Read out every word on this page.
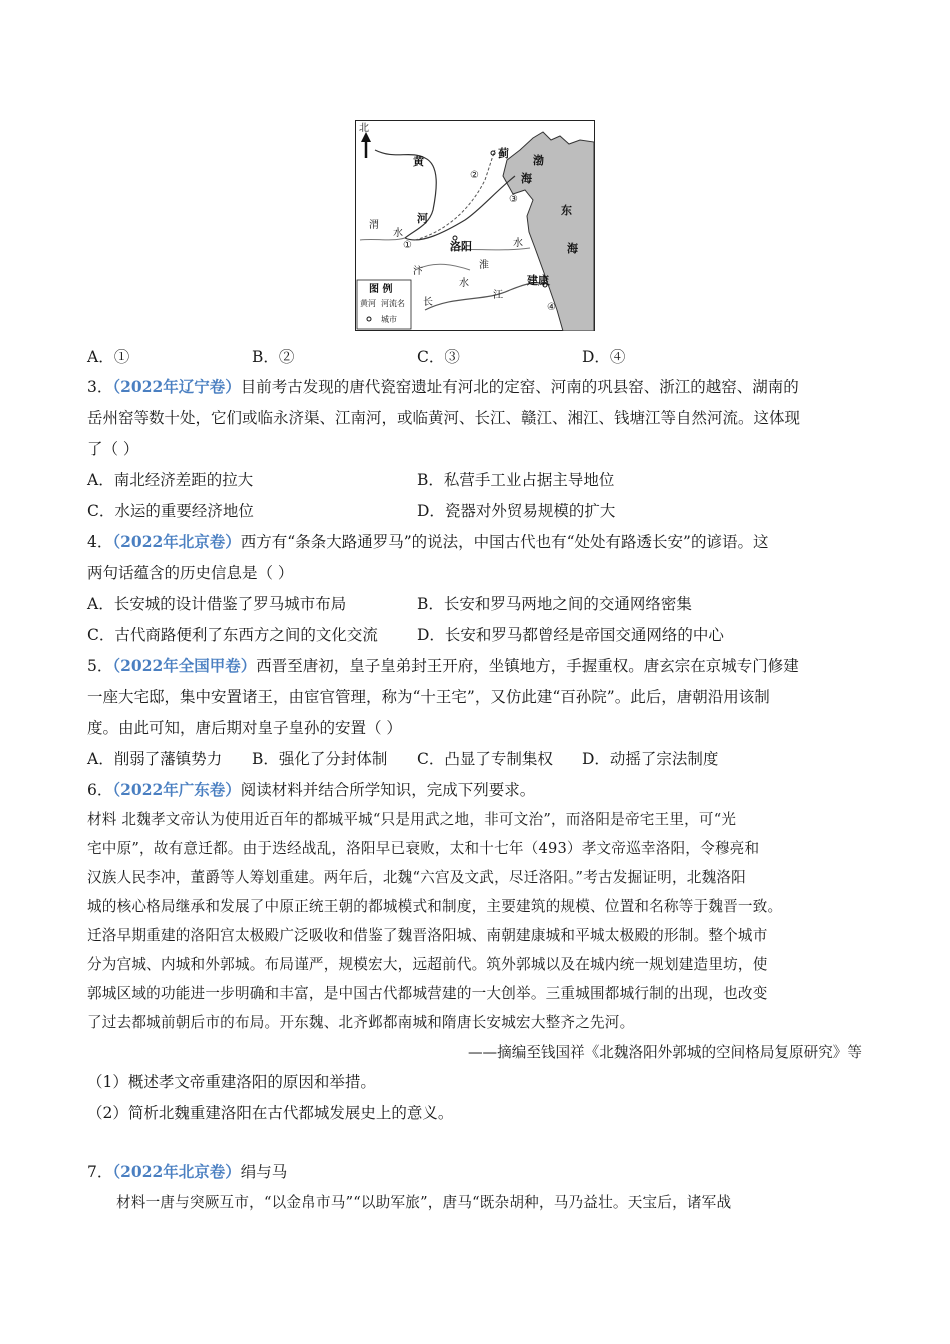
北
黄
河
蓟
渤
海
东
海
渭
水
洛阳
淮
水
汴
水
江
长
建康
①
②
③
④
图 例
黄河 河流名
城市
A．①	B．②	C．③	D．④
3．（2022年辽宁卷）目前考古发现的唐代瓷窑遗址有河北的定窑、河南的巩县窑、浙江的越窑、湖南的
岳州窑等数十处，它们或临永济渠、江南河，或临黄河、长江、赣江、湘江、钱塘江等自然河流。这体现
了（ ）
A．南北经济差距的拉大	B．私营手工业占据主导地位
C．水运的重要经济地位	D．瓷器对外贸易规模的扩大
4．（2022年北京卷）西方有“条条大路通罗马”的说法，中国古代也有“处处有路透长安”的谚语。这
两句话蕴含的历史信息是（ ）
A．长安城的设计借鉴了罗马城市布局	B．长安和罗马两地之间的交通网络密集
C．古代商路便利了东西方之间的文化交流	D．长安和罗马都曾经是帝国交通网络的中心
5．（2022年全国甲卷）西晋至唐初，皇子皇弟封王开府，坐镇地方，手握重权。唐玄宗在京城专门修建
一座大宅邸，集中安置诸王，由宦官管理，称为“十王宅”，又仿此建“百孙院”。此后，唐朝沿用该制
度。由此可知，唐后期对皇子皇孙的安置（ ）
A．削弱了藩镇势力 B．强化了分封体制 C．凸显了专制集权 D．动摇了宗法制度
6．（2022年广东卷）阅读材料并结合所学知识，完成下列要求。
材料 北魏孝文帝认为使用近百年的都城平城“只是用武之地，非可文治”，而洛阳是帝宅王里，可“光
宅中原”，故有意迁都。由于迭经战乱，洛阳早已衰败，太和十七年（493）孝文帝巡幸洛阳，令穆亮和
汉族人民李冲，董爵等人筹划重建。两年后，北魏“六宫及文武，尽迁洛阳。”考古发掘证明，北魏洛阳
城的核心格局继承和发展了中原正统王朝的都城模式和制度，主要建筑的规模、位置和名称等于魏晋一致。
迁洛早期重建的洛阳宫太极殿广泛吸收和借鉴了魏晋洛阳城、南朝建康城和平城太极殿的形制。整个城市
分为宫城、内城和外郭城。布局谨严，规模宏大，远超前代。筑外郭城以及在城内统一规划建造里坊，使
郭城区域的功能进一步明确和丰富，是中国古代都城营建的一大创举。三重城围都城行制的出现，也改变
了过去都城前朝后市的布局。开东魏、北齐邺都南城和隋唐长安城宏大整齐之先河。
——摘编至钱国祥《北魏洛阳外郭城的空间格局复原研究》等
（1）概述孝文帝重建洛阳的原因和举措。
（2）简析北魏重建洛阳在古代都城发展史上的意义。
7．（2022年北京卷）绢与马
材料一唐与突厥互市，“以金帛市马”“以助军旅”，唐马“既杂胡种，马乃益壮。天宝后，诸军战
